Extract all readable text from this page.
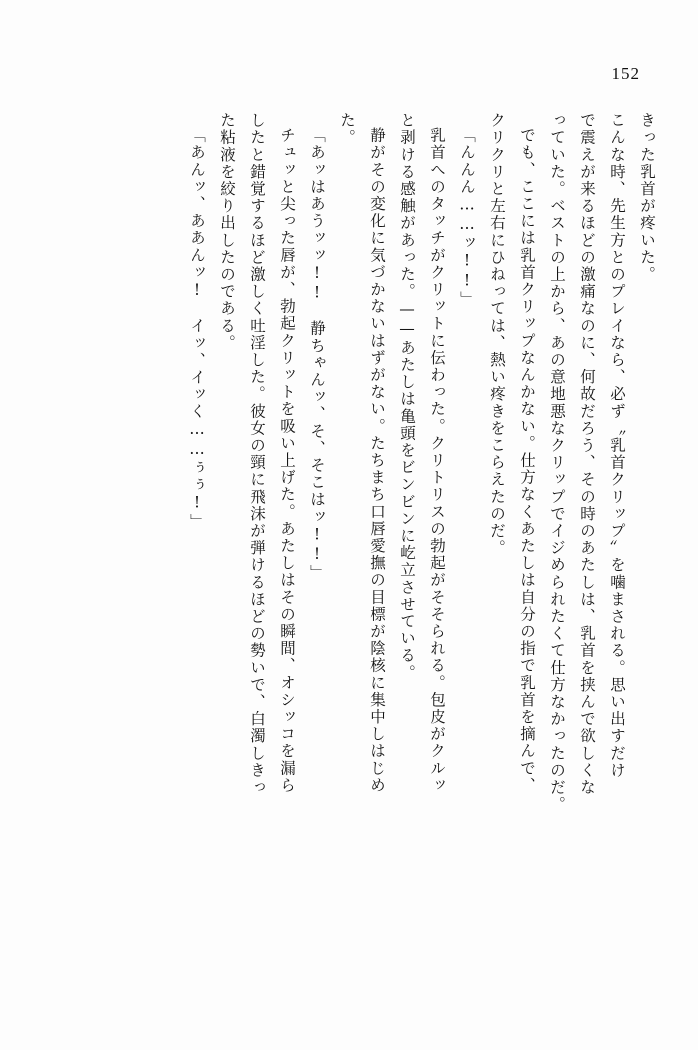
152
きった乳首が疼いた。
こんな時、先生方とのプレイなら、必ず〝乳首クリップ〟を噛まされる。思い出すだけ
で震えが来るほどの激痛なのに、何故だろう、その時のあたしは、乳首を挟んで欲しくな
っていた。ベストの上から、あの意地悪なクリップでイジめられたくて仕方なかったのだ。
でも、ここには乳首クリップなんかない。仕方なくあたしは自分の指で乳首を摘んで、
クリクリと左右にひねっては、熱い疼きをこらえたのだ。
「んんん……ッ!!」
乳首へのタッチがクリットに伝わった。クリトリスの勃起がそそられる。包皮がクルッ
と剥ける感触があった。——あたしは亀頭をビンビンに屹立させている。
静がその変化に気づかないはずがない。たちまち口唇愛撫の目標が陰核に集中しはじめ
た。
「あッはあうッッ!!　静ちゃんッ、そ、そこはッ!!」
チュッと尖った唇が、勃起クリットを吸い上げた。あたしはその瞬間、オシッコを漏ら
したと錯覚するほど激しく吐淫した。彼女の頸に飛沫が弾けるほどの勢いで、白濁しきっ
た粘液を絞り出したのである。
「あんッ、ああんッ!　イッ、イッく……ぅぅ!」
